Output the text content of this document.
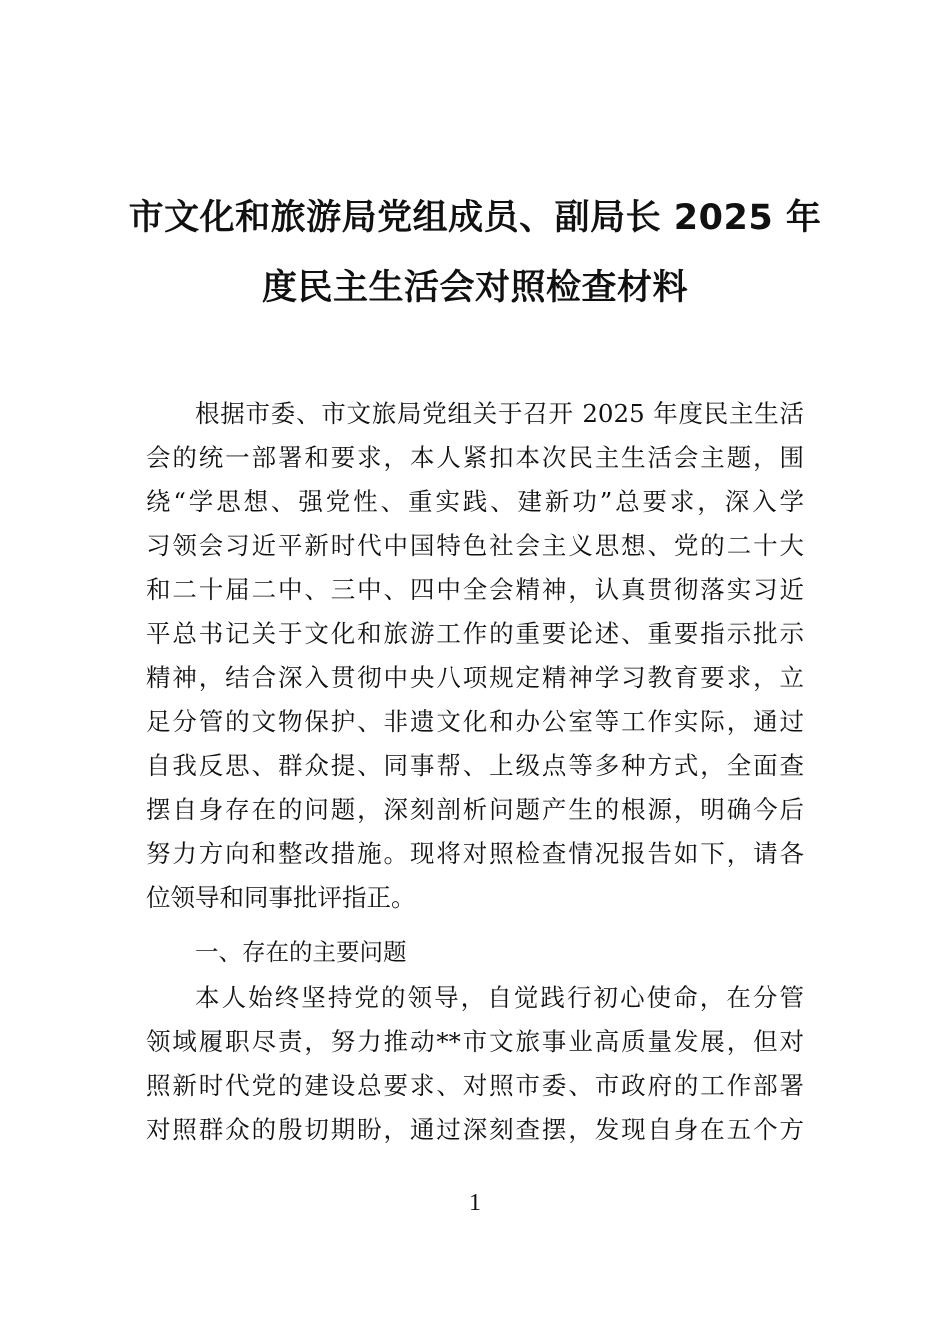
市文化和旅游局党组成员、副局长 2025 年
度民主生活会对照检查材料
根据市委、市文旅局党组关于召开 2025 年度民主生活
会的统一部署和要求，本人紧扣本次民主生活会主题，围
绕“学思想、强党性、重实践、建新功”总要求，深入学
习领会习近平新时代中国特色社会主义思想、党的二十大
和二十届二中、三中、四中全会精神，认真贯彻落实习近
平总书记关于文化和旅游工作的重要论述、重要指示批示
精神，结合深入贯彻中央八项规定精神学习教育要求，立
足分管的文物保护、非遗文化和办公室等工作实际，通过
自我反思、群众提、同事帮、上级点等多种方式，全面查
摆自身存在的问题，深刻剖析问题产生的根源，明确今后
努力方向和整改措施。现将对照检查情况报告如下，请各
位领导和同事批评指正。
一、存在的主要问题
本人始终坚持党的领导，自觉践行初心使命，在分管
领域履职尽责，努力推动**市文旅事业高质量发展，但对
照新时代党的建设总要求、对照市委、市政府的工作部署
对照群众的殷切期盼，通过深刻查摆，发现自身在五个方
1
